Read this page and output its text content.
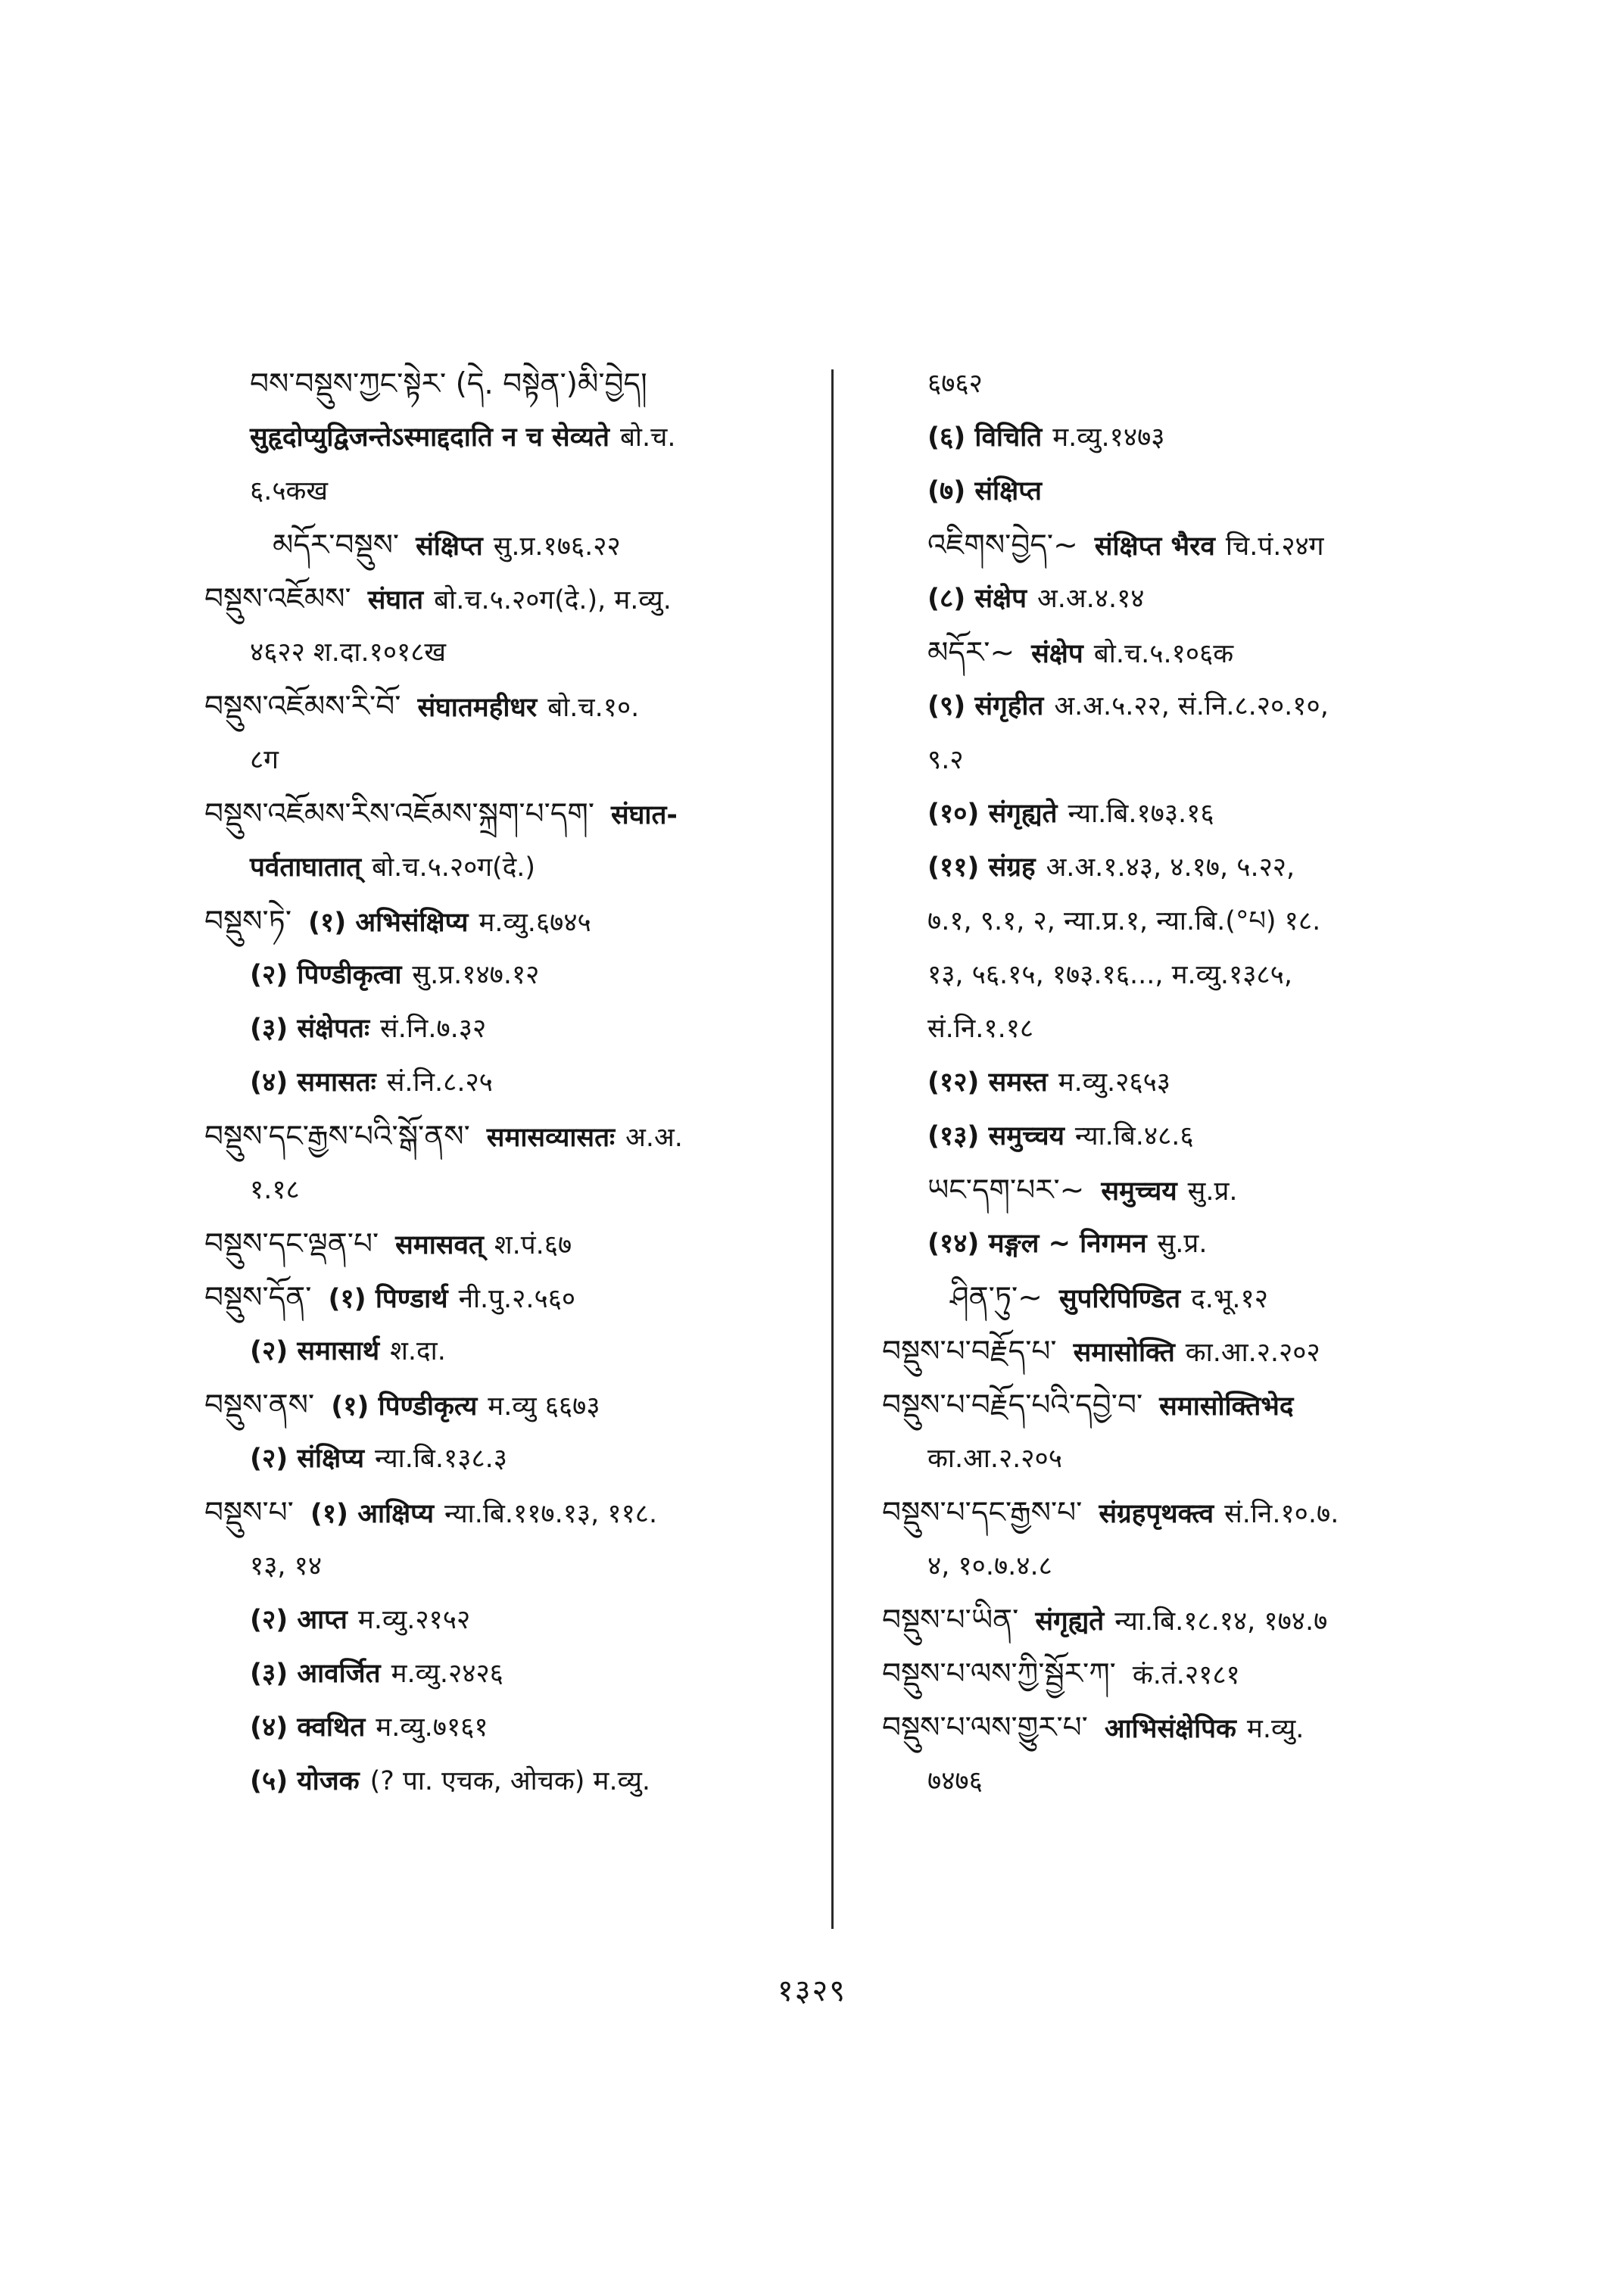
བས་བསྡུས་ཀྱང་སྟེར་ (དེ. བསྟེན་)མི་བྱེད།
सुहृदोप्युद्विजन्तेऽस्माद्ददाति न च सेव्यते बो.च.
६.५कख
མདོར་བསྡུས་ संक्षिप्त सु.प्र.१७६.२२
བསྡུས་འཇོམས་ संघात बो.च.५.२०ग(दे.), म.व्यु.
४६२२ श.दा.१०१८ख
བསྡུས་འཇོམས་རི་བོ་ संघातमहीधर बो.च.१०.
८ग
བསྡུས་འཇོམས་རིས་འཇོམས་སྐྲག་པ་དག་ संघात-
पर्वताघातात् बो.च.५.२०ग(दे.)
བསྡུས་ཏེ་ (१) अभिसंक्षिप्य म.व्यु.६७४५
(२) पिण्डीकृत्वा सु.प्र.१४७.१२
(३) संक्षेपतः सं.नि.७.३२
(४) समासतः सं.नि.८.२५
བསྡུས་དང་རྒྱས་པའི་སྒོ་ནས་ समासव्यासतः अ.अ.
१.१८
བསྡུས་དང་ལྡན་པ་ समासवत् श.पं.६७
བསྡུས་དོན་ (१) पिण्डार्थ नी.पु.२.५६०
(२) समासार्थ श.दा.
བསྡུས་ནས་ (१) पिण्डीकृत्य म.व्यु ६६७३
(२) संक्षिप्य न्या.बि.१३८.३
བསྡུས་པ་ (१) आक्षिप्य न्या.बि.११७.१३, ११८.
१३, १४
(२) आप्त म.व्यु.२१५२
(३) आवर्जित म.व्यु.२४२६
(४) क्वथित म.व्यु.७१६१
(५) योजक (? पा. एचक, ओचक) म.व्यु.
६७६२
(६) विचिति म.व्यु.१४७३
(७) संक्षिप्त
འཇིགས་བྱེད་~ संक्षिप्त भैरव चि.पं.२४ग
(८) संक्षेप अ.अ.४.१४
མདོར་~ संक्षेप बो.च.५.१०६क
(९) संगृहीत अ.अ.५.२२, सं.नि.८.२०.१०,
९.२
(१०) संगृह्यते न्या.बि.१७३.१६
(११) संग्रह अ.अ.१.४३, ४.१७, ५.२२,
७.१, ९.१, २, न्या.प्र.१, न्या.बि.(°པ) १८.
१३, ५६.१५, १७३.१६..., म.व्यु.१३८५,
सं.नि.१.१८
(१२) समस्त म.व्यु.२६५३
(१३) समुच्चय न्या.बि.४८.६
ཡང་དག་པར་~ समुच्चय सु.प्र.
(१४) मङ्गल ~ निगमन सु.प्र.
ཤིན་ཏུ་~ सुपरिपिण्डित द.भू.१२
བསྡུས་པ་བརྗོད་པ་ समासोक्ति का.आ.२.२०२
བསྡུས་པ་བརྗོད་པའི་དབྱེ་བ་ समासोक्तिभेद
का.आ.२.२०५
བསྡུས་པ་དང་རྒྱས་པ་ संग्रहपृथक्त्व सं.नि.१०.७.
४, १०.७.४.८
བསྡུས་པ་ཡིན་ संगृह्यते न्या.बि.१८.१४, १७४.७
བསྡུས་པ་ལས་ཀྱི་སྦྱོར་ཀ་ कं.तं.२१८१
བསྡུས་པ་ལས་གྱུར་པ་ आभिसंक्षेपिक म.व्यु.
७४७६
१३२९
